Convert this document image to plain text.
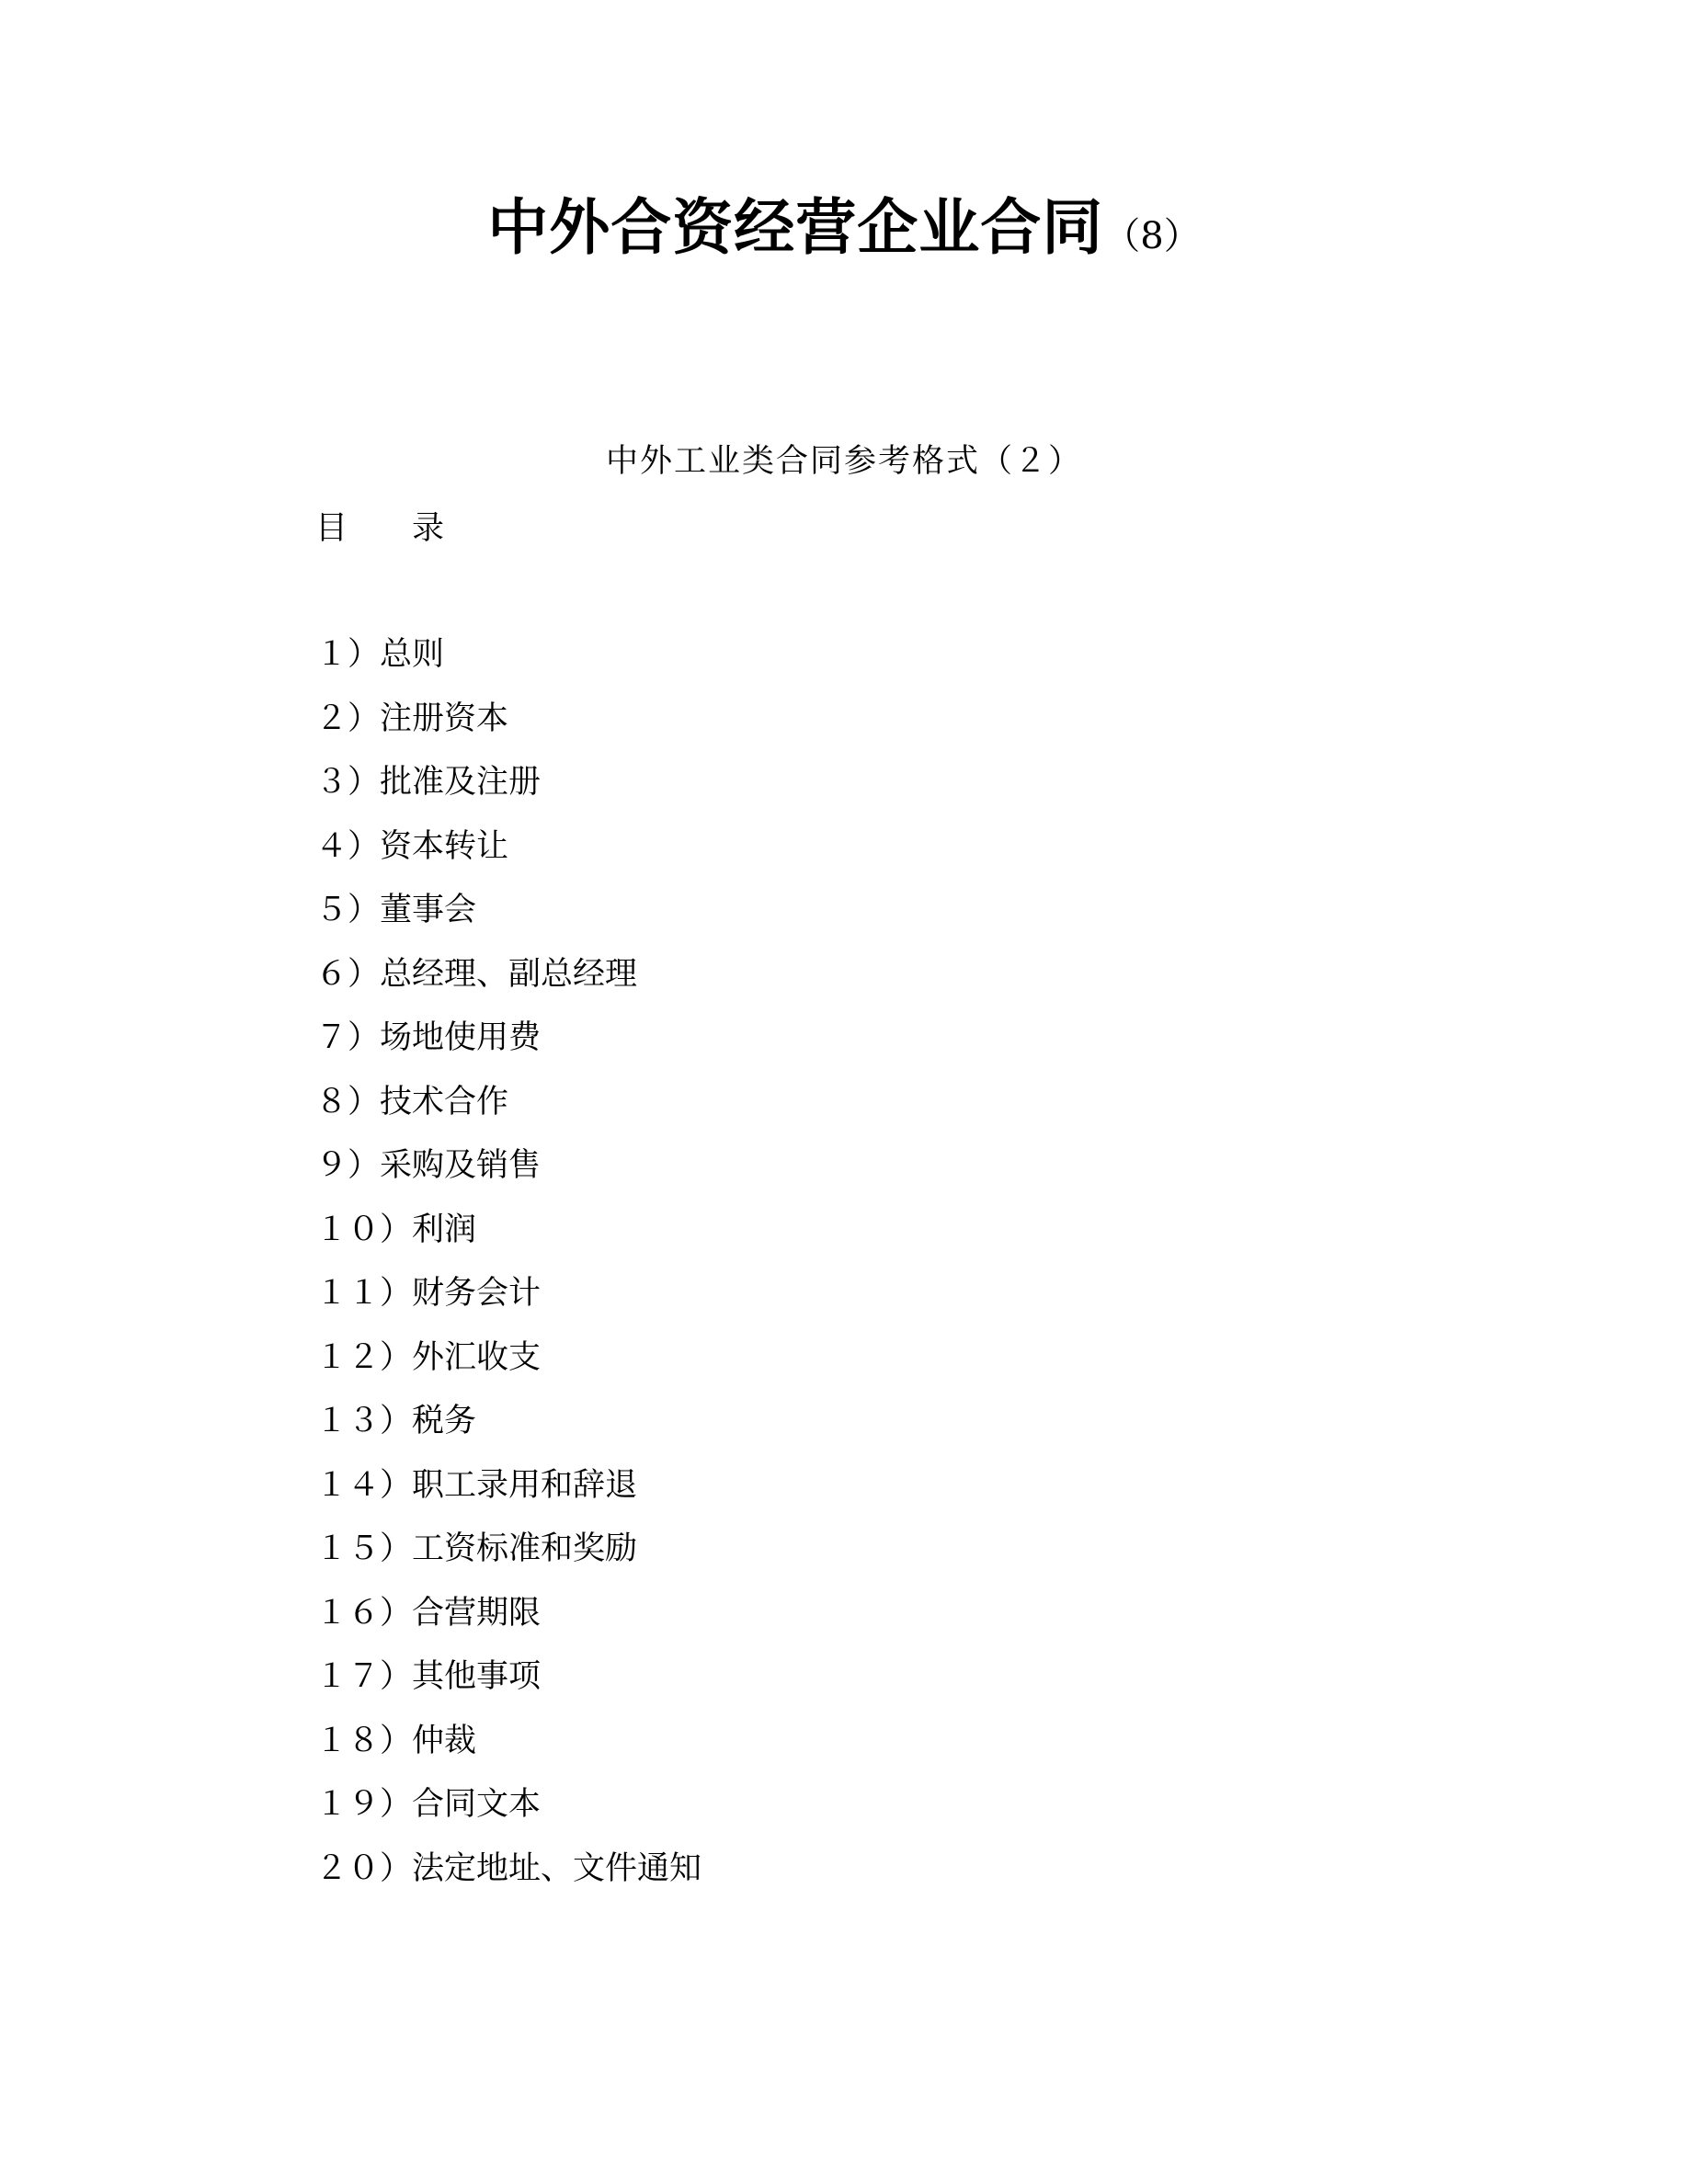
中外合资经营企业合同（8）
中外工业类合同参考格式（２）
目　　录
１）总则
２）注册资本
３）批准及注册
４）资本转让
５）董事会
６）总经理、副总经理
７）场地使用费
８）技术合作
９）采购及销售
１０）利润
１１）财务会计
１２）外汇收支
１３）税务
１４）职工录用和辞退
１５）工资标准和奖励
１６）合营期限
１７）其他事项
１８）仲裁
１９）合同文本
２０）法定地址、文件通知
